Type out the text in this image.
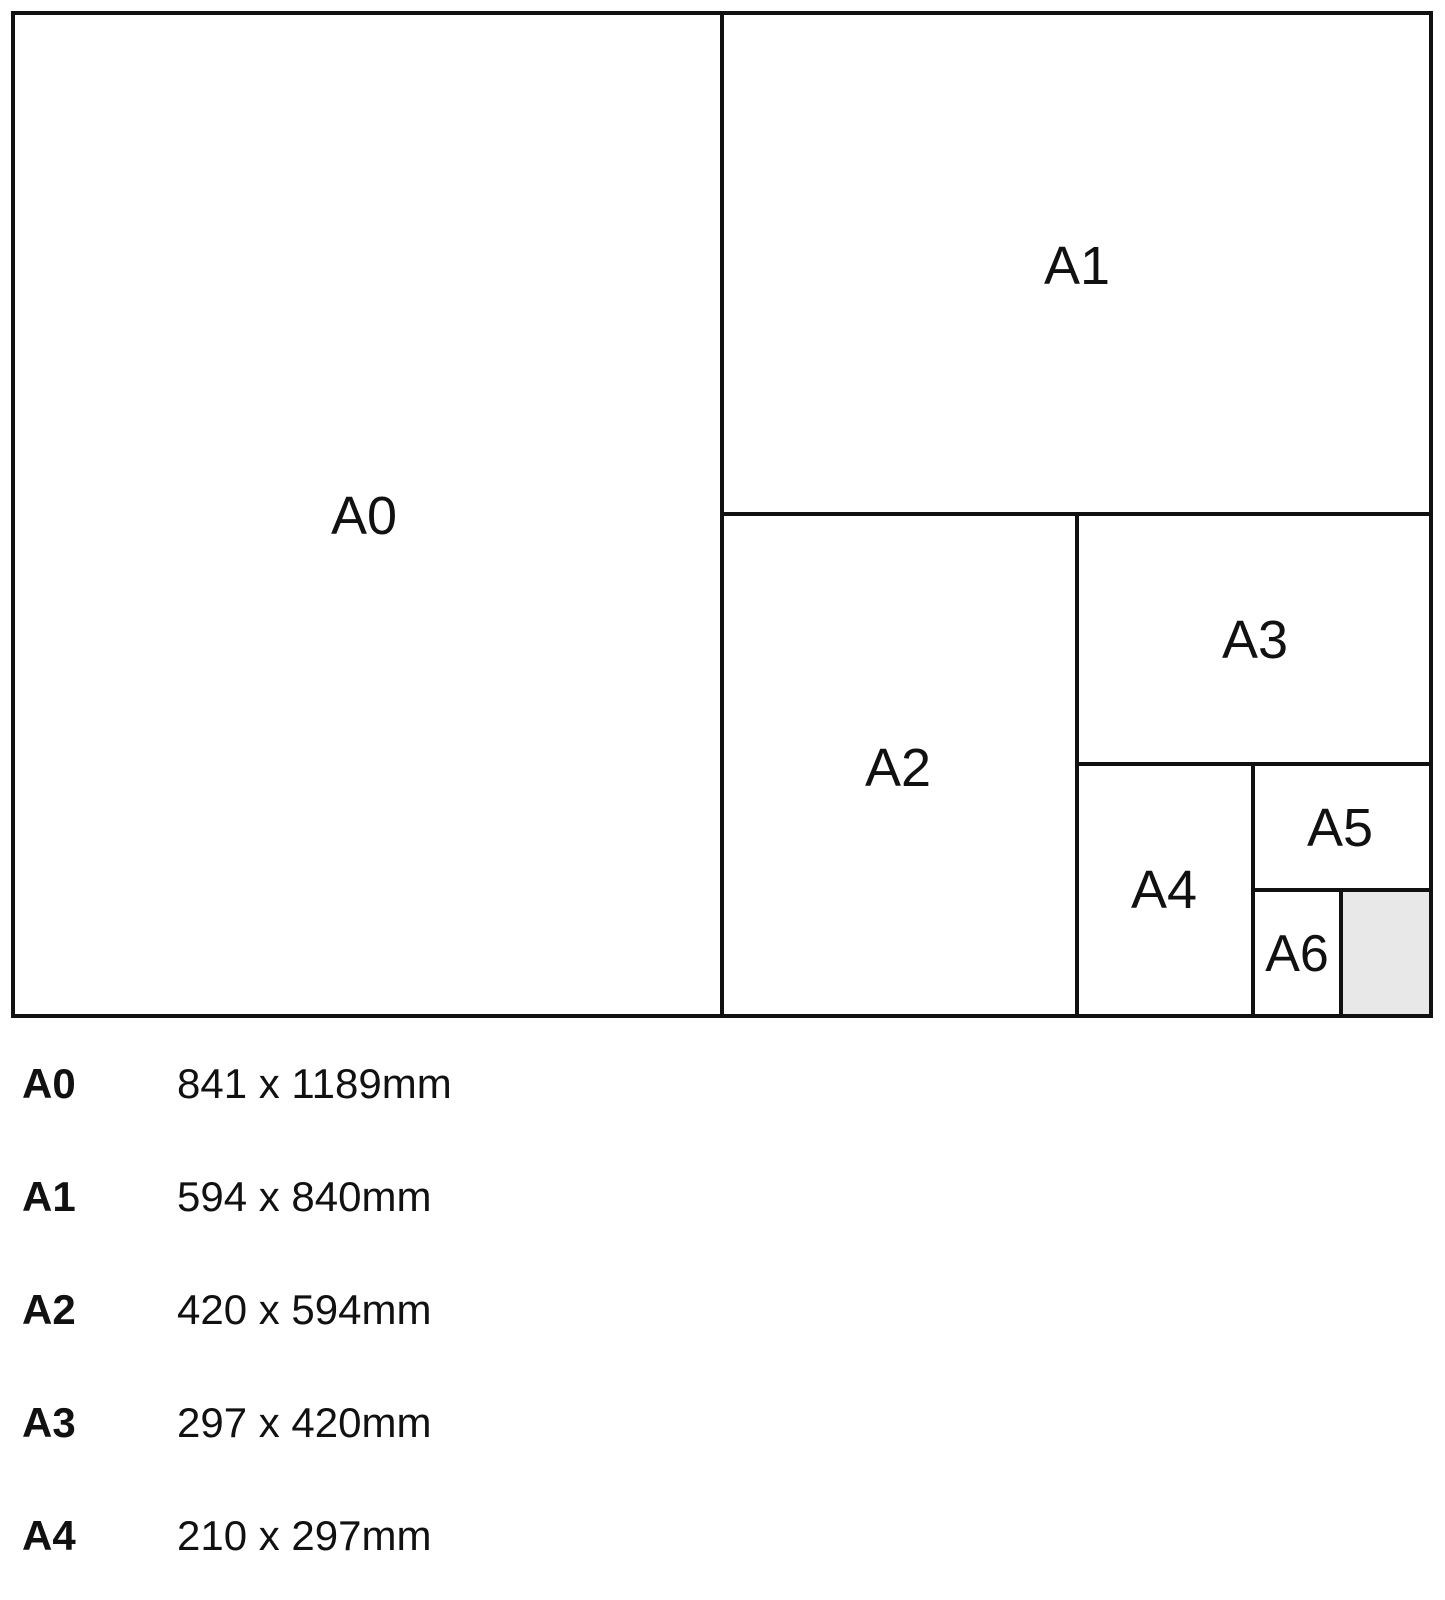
A0
A1
A2
A3
A4
A5
A6
A0	841 x 1189mm
A1	594 x 840mm
A2	420 x 594mm
A3	297 x 420mm
A4	210 x 297mm
